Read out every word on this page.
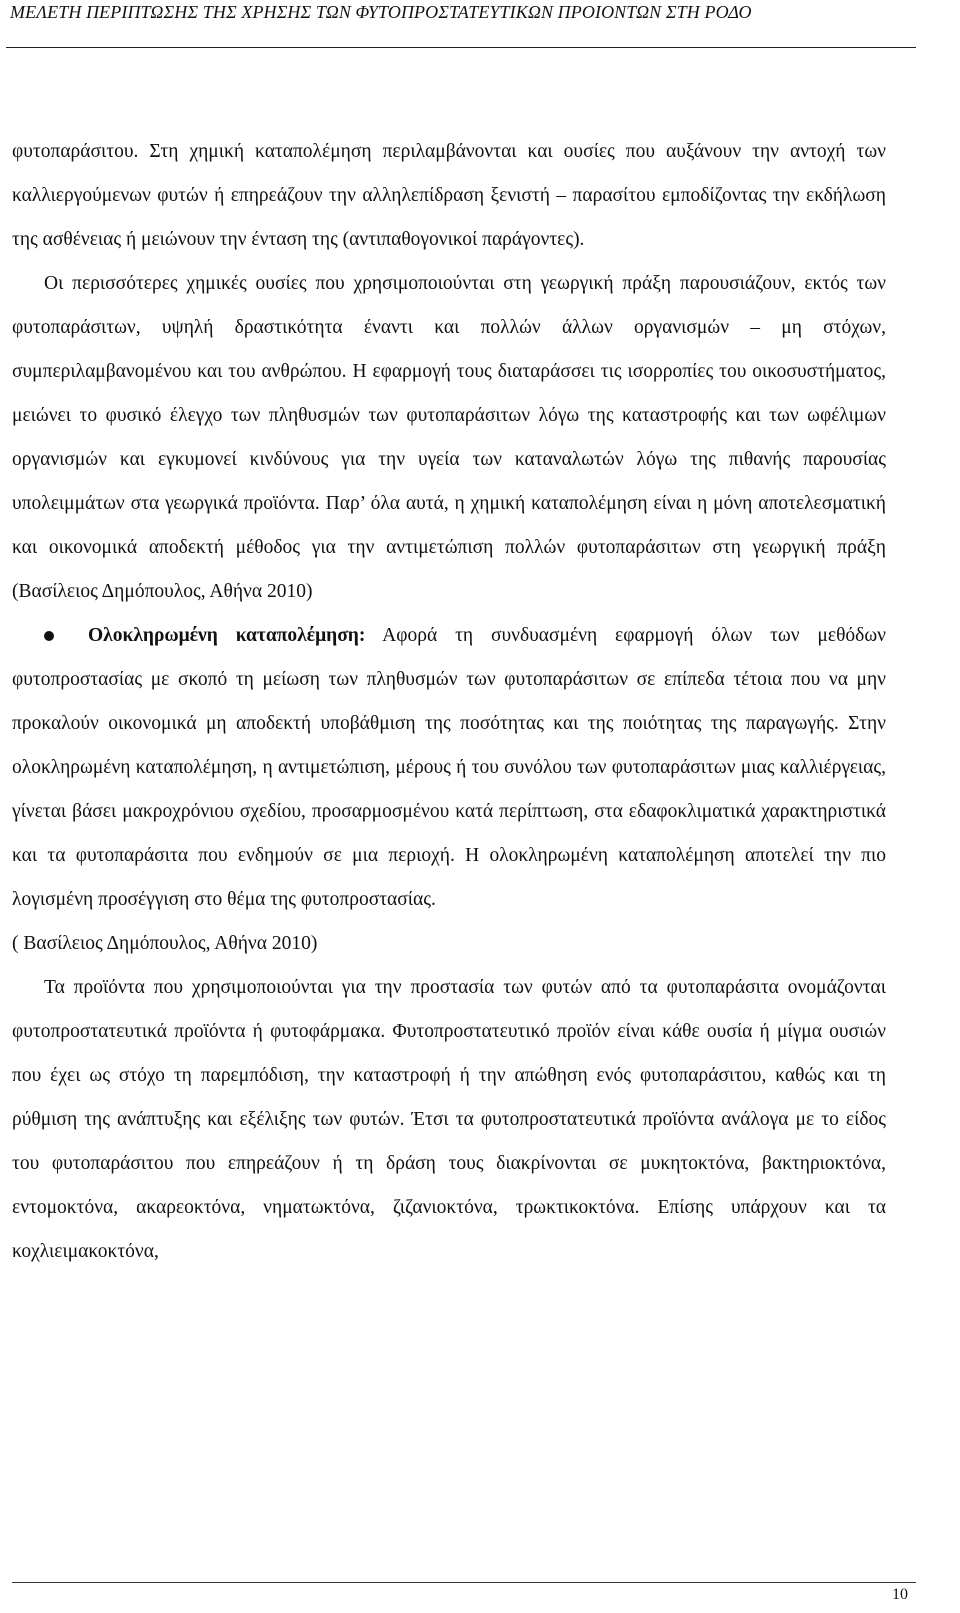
ΜΕΛΕΤΗ ΠΕΡΙΠΤΩΣΗΣ ΤΗΣ ΧΡΗΣΗΣ ΤΩΝ ΦΥΤΟΠΡΟΣΤΑΤΕΥΤΙΚΩΝ ΠΡΟΙΟΝΤΩΝ ΣΤΗ ΡΟΔΟ

φυτοπαράσιτου. Στη χημική καταπολέμηση περιλαμβάνονται και ουσίες που αυξάνουν την αντοχή των καλλιεργούμενων φυτών ή επηρεάζουν την αλληλεπίδραση ξενιστή – παρασίτου εμποδίζοντας την εκδήλωση της ασθένειας ή μειώνουν την ένταση της (αντιπαθογονικοί παράγοντες).

Οι περισσότερες χημικές ουσίες που χρησιμοποιούνται στη γεωργική πράξη παρουσιάζουν, εκτός των φυτοπαράσιτων, υψηλή δραστικότητα έναντι και πολλών άλλων οργανισμών – μη στόχων, συμπεριλαμβανομένου και του ανθρώπου. Η εφαρμογή τους διαταράσσει τις ισορροπίες του οικοσυστήματος, μειώνει το φυσικό έλεγχο των πληθυσμών των φυτοπαράσιτων λόγω της καταστροφής και των ωφέλιμων οργανισμών και εγκυμονεί κινδύνους για την υγεία των καταναλωτών λόγω της πιθανής παρουσίας υπολειμμάτων στα γεωργικά προϊόντα. Παρ’ όλα αυτά, η χημική καταπολέμηση είναι η μόνη αποτελεσματική και οικονομικά αποδεκτή μέθοδος για την αντιμετώπιση πολλών φυτοπαράσιτων στη γεωργική πράξη (Βασίλειος Δημόπουλος, Αθήνα 2010)

Ολοκληρωμένη καταπολέμηση: Αφορά τη συνδυασμένη εφαρμογή όλων των μεθόδων φυτοπροστασίας με σκοπό τη μείωση των πληθυσμών των φυτοπαράσιτων σε επίπεδα τέτοια που να μην προκαλούν οικονομικά μη αποδεκτή υποβάθμιση της ποσότητας και της ποιότητας της παραγωγής. Στην ολοκληρωμένη καταπολέμηση, η αντιμετώπιση, μέρους ή του συνόλου των φυτοπαράσιτων μιας καλλιέργειας, γίνεται βάσει μακροχρόνιου σχεδίου, προσαρμοσμένου κατά περίπτωση, στα εδαφοκλιματικά χαρακτηριστικά και τα φυτοπαράσιτα που ενδημούν σε μια περιοχή. Η ολοκληρωμένη καταπολέμηση αποτελεί την πιο λογισμένη προσέγγιση στο θέμα της φυτοπροστασίας.

( Βασίλειος Δημόπουλος, Αθήνα 2010)

Τα προϊόντα που χρησιμοποιούνται για την προστασία των φυτών από τα φυτοπαράσιτα ονομάζονται φυτοπροστατευτικά προϊόντα ή φυτοφάρμακα. Φυτοπροστατευτικό προϊόν είναι κάθε ουσία ή μίγμα ουσιών που έχει ως στόχο τη παρεμπόδιση, την καταστροφή ή την απώθηση ενός φυτοπαράσιτου, καθώς και τη ρύθμιση της ανάπτυξης και εξέλιξης των φυτών. Έτσι τα φυτοπροστατευτικά προϊόντα ανάλογα με το είδος του φυτοπαράσιτου που επηρεάζουν ή τη δράση τους διακρίνονται σε μυκητοκτόνα, βακτηριοκτόνα, εντομοκτόνα, ακαρεοκτόνα, νηματωκτόνα, ζιζανιοκτόνα, τρωκτικοκτόνα. Επίσης υπάρχουν και τα κοχλιειμακοκτόνα,

10
